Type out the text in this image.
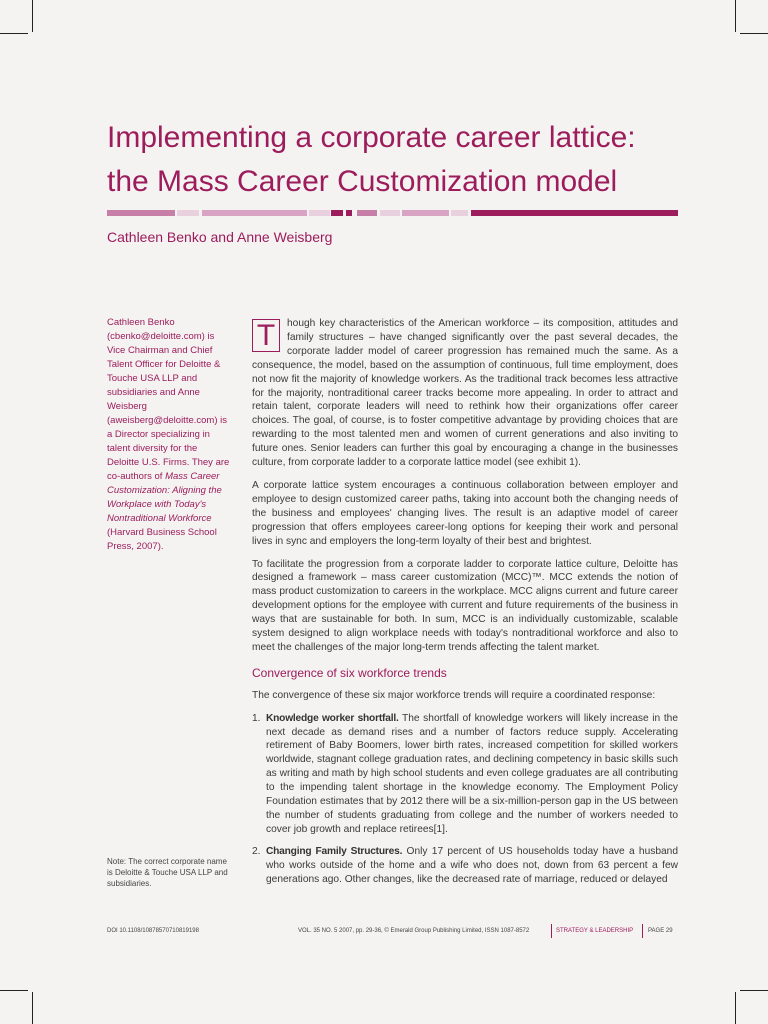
Implementing a corporate career lattice:
the Mass Career Customization model
Cathleen Benko and Anne Weisberg
Cathleen Benko (cbenko@deloitte.com) is Vice Chairman and Chief Talent Officer for Deloitte & Touche USA LLP and subsidiaries and Anne Weisberg (aweisberg@deloitte.com) is a Director specializing in talent diversity for the Deloitte U.S. Firms. They are co-authors of Mass Career Customization: Aligning the Workplace with Today's Nontraditional Workforce (Harvard Business School Press, 2007).
Note: The correct corporate name is Deloitte & Touche USA LLP and subsidiaries.

T	hough key characteristics of the American workforce – its composition, attitudes and family structures – have changed significantly over the past several decades, the corporate ladder model of career progression has remained much the same. As a consequence, the model, based on the assumption of continuous, full time employment, does not now fit the majority of knowledge workers. As the traditional track becomes less attractive for the majority, nontraditional career tracks become more appealing. In order to attract and retain talent, corporate leaders will need to rethink how their organizations offer career choices. The goal, of course, is to foster competitive advantage by providing choices that are rewarding to the most talented men and women of current generations and also inviting to future ones. Senior leaders can further this goal by encouraging a change in the businesses culture, from corporate ladder to a corporate lattice model (see exhibit 1).

A corporate lattice system encourages a continuous collaboration between employer and employee to design customized career paths, taking into account both the changing needs of the business and employees' changing lives. The result is an adaptive model of career progression that offers employees career-long options for keeping their work and personal lives in sync and employers the long-term loyalty of their best and brightest.

To facilitate the progression from a corporate ladder to corporate lattice culture, Deloitte has designed a framework – mass career customization (MCC)™. MCC extends the notion of mass product customization to careers in the workplace. MCC aligns current and future career development options for the employee with current and future requirements of the business in ways that are sustainable for both. In sum, MCC is an individually customizable, scalable system designed to align workplace needs with today's nontraditional workforce and also to meet the challenges of the major long-term trends affecting the talent market.

Convergence of six workforce trends

The convergence of these six major workforce trends will require a coordinated response:

1. Knowledge worker shortfall. The shortfall of knowledge workers will likely increase in the next decade as demand rises and a number of factors reduce supply. Accelerating retirement of Baby Boomers, lower birth rates, increased competition for skilled workers worldwide, stagnant college graduation rates, and declining competency in basic skills such as writing and math by high school students and even college graduates are all contributing to the impending talent shortage in the knowledge economy. The Employment Policy Foundation estimates that by 2012 there will be a six-million-person gap in the US between the number of students graduating from college and the number of workers needed to cover job growth and replace retirees[1].
2. Changing Family Structures. Only 17 percent of US households today have a husband who works outside of the home and a wife who does not, down from 63 percent a few generations ago. Other changes, like the decreased rate of marriage, reduced or delayed
DOI 10.1108/10878570710819198	VOL. 35 NO. 5 2007, pp. 29-36, © Emerald Group Publishing Limited, ISSN 1087-8572	STRATEGY & LEADERSHIP PAGE 29
